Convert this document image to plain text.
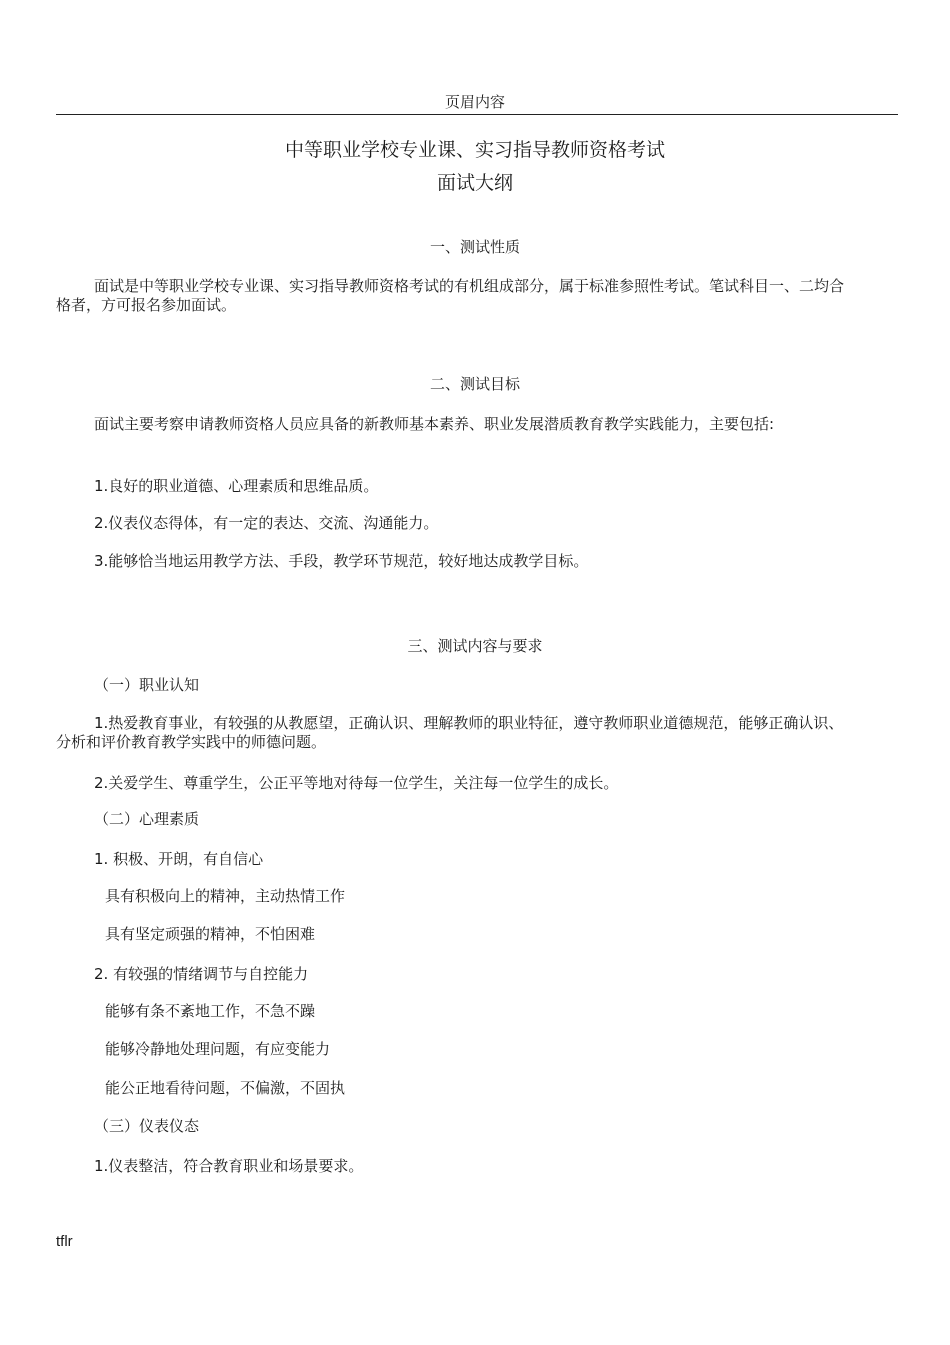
页眉内容
中等职业学校专业课、实习指导教师资格考试
面试大纲
一、测试性质
面试是中等职业学校专业课、实习指导教师资格考试的有机组成部分，属于标准参照性考试。笔试科目一、二均合格者，方可报名参加面试。
二、测试目标
面试主要考察申请教师资格人员应具备的新教师基本素养、职业发展潜质教育教学实践能力，主要包括:
1.良好的职业道德、心理素质和思维品质。
2.仪表仪态得体，有一定的表达、交流、沟通能力。
3.能够恰当地运用教学方法、手段，教学环节规范，较好地达成教学目标。
三、测试内容与要求
（一）职业认知
1.热爱教育事业，有较强的从教愿望，正确认识、理解教师的职业特征，遵守教师职业道德规范，能够正确认识、分析和评价教育教学实践中的师德问题。
2.关爱学生、尊重学生，公正平等地对待每一位学生，关注每一位学生的成长。
（二）心理素质
1. 积极、开朗，有自信心
具有积极向上的精神，主动热情工作
具有坚定顽强的精神，不怕困难
2. 有较强的情绪调节与自控能力
能够有条不紊地工作，不急不躁
能够冷静地处理问题，有应变能力
能公正地看待问题，不偏激，不固执
（三）仪表仪态
1.仪表整洁，符合教育职业和场景要求。
tflr
